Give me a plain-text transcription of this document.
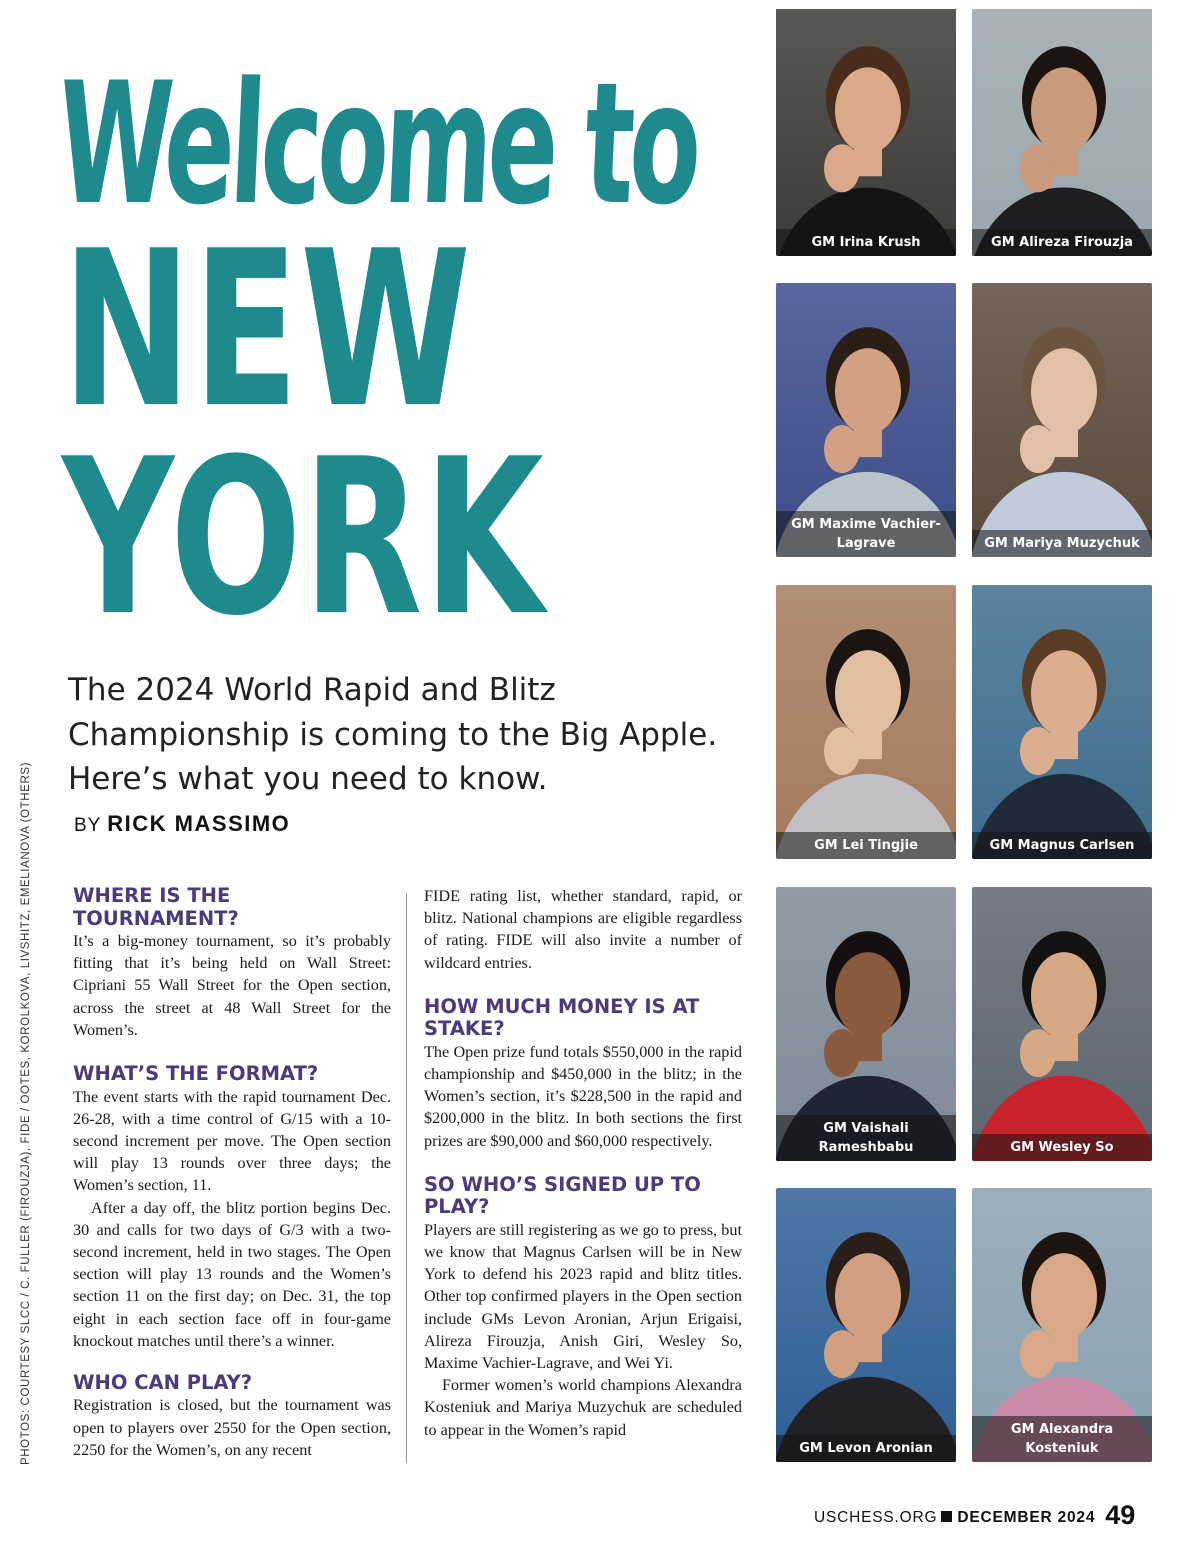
Welcome to
NEW
YORK
The 2024 World Rapid and Blitz Championship is coming to the Big Apple. Here’s what you need to know.
BY RICK MASSIMO
PHOTOS: COURTESY SLCC / C. FULLER (FIROUZJA), FIDE / OOTES, KOROLKOVA, LIVSHITZ, EMELIANOVA (OTHERS) WHERE IS THE TOURNAMENT?

It’s a big-money tournament, so it’s probably fitting that it’s being held on Wall Street: Cipriani 55 Wall Street for the Open section, across the street at 48 Wall Street for the Women’s.

WHAT’S THE FORMAT?

The event starts with the rapid tournament Dec. 26-28, with a time control of G/15 with a 10-second increment per move. The Open section will play 13 rounds over three days; the Women’s section, 11.

After a day off, the blitz portion begins Dec. 30 and calls for two days of G/3 with a two-second increment, held in two stages. The Open section will play 13 rounds and the Women’s section 11 on the first day; on Dec. 31, the top eight in each section face off in four-game knockout matches until there’s a winner.

WHO CAN PLAY?

Registration is closed, but the tournament was open to players over 2550 for the Open section, 2250 for the Women’s, on any recent

FIDE rating list, whether standard, rapid, or blitz. National champions are eligible regardless of rating. FIDE will also invite a number of wildcard entries.

HOW MUCH MONEY IS AT STAKE?

The Open prize fund totals $550,000 in the rapid championship and $450,000 in the blitz; in the Women’s section, it’s $228,500 in the rapid and $200,000 in the blitz. In both sections the first prizes are $90,000 and $60,000 respectively.

SO WHO’S SIGNED UP TO PLAY?

Players are still registering as we go to press, but we know that Magnus Carlsen will be in New York to defend his 2023 rapid and blitz titles. Other top confirmed players in the Open section include GMs Levon Aronian, Arjun Erigaisi, Alireza Firouzja, Anish Giri, Wesley So, Maxime Vachier-Lagrave, and Wei Yi.

Former women’s world champions Alexandra Kosteniuk and Mariya Muzychuk are scheduled to appear in the Women’s rapid

GM Irina Krush	GM Alireza Firouzja
GM Maxime Vachier-Lagrave	GM Mariya Muzychuk
GM Lei Tingjie	GM Magnus Carlsen
GM Vaishali Rameshbabu	GM Wesley So
GM Levon Aronian
GM Alexandra Kosteniuk
USCHESS.ORG DECEMBER 2024 49
